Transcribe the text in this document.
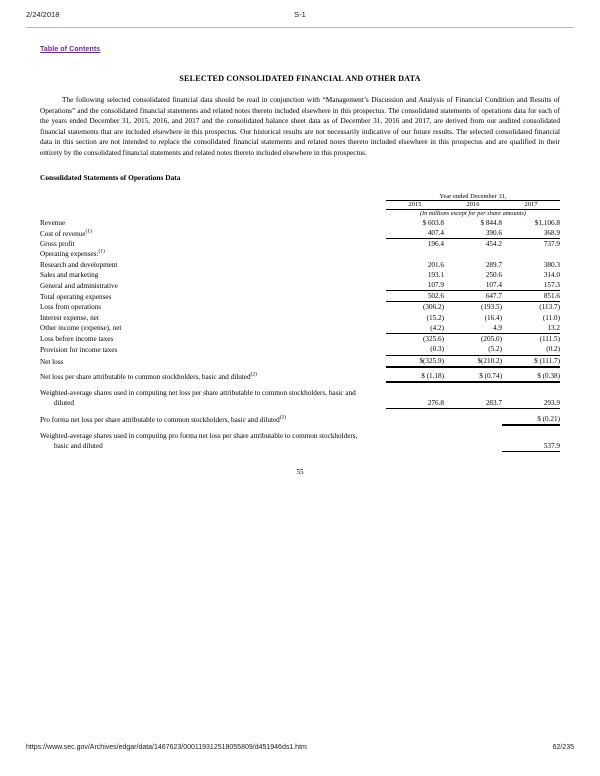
2/24/2018	S-1
Table of Contents
SELECTED CONSOLIDATED FINANCIAL AND OTHER DATA

The following selected consolidated financial data should be read in conjunction with “Management’s Discussion and Analysis of Financial Condition and Results of Operations” and the consolidated financial statements and related notes thereto included elsewhere in this prospectus. The consolidated statements of operations data for each of the years ended December 31, 2015, 2016, and 2017 and the consolidated balance sheet data as of December 31, 2016 and 2017, are derived from our audited consolidated financial statements that are included elsewhere in this prospectus. Our historical results are not necessarily indicative of our future results. The selected consolidated financial data in this section are not intended to replace the consolidated financial statements and related notes thereto included elsewhere in this prospectus and are qualified in their entirety by the consolidated financial statements and related notes thereto included elsewhere in this prospectus.

Consolidated Statements of Operations Data

	Year ended December 31,		

	2015	2016	2017

	(In millions except for per share amounts)		
Revenue	$ 603.8	$ 844.8	$1,106.8
Cost of revenue$^{(1)}$	407.4	390.6	368.9
Gross profit	196.4	454.2	737.9
Operating expenses:$^{(1)}$			
Research and development	201.6	289.7	380.3
Sales and marketing	193.1	250.6	314.0
General and administrative	107.9	107.4	157.3
Total operating expenses	502.6	647.7	851.6
Loss from operations	(306.2)	(193.5)	(113.7)
Interest expense, net	(15.2)	(16.4)	(11.0)
Other income (expense), net	(4.2)	4.9	13.2
Loss before income taxes	(325.6)	(205.0)	(111.5)
Provision for income taxes	(0.3)	(5.2)	(0.2)
Net loss	$(325.9)	$(210.2)	$ (111.7)

Net loss per share attributable to common stockholders, basic and diluted$^{(2)}$	$ (1.18)	$ (0.74)	$ (0.38)

Weighted-average shares used in computing net loss per share attributable to common stockholders, basic and
diluted	276.8	283.7	293.9

Pro forma net loss per share attributable to common stockholders, basic and diluted$^{(2)}$			$ (0.21)

Weighted-average shares used in computing pro forma net loss per share attributable to common stockholders,
basic and diluted			537.9
55
https://www.sec.gov/Archives/edgar/data/1467623/000119312518055809/d451946ds1.htm	62/235
